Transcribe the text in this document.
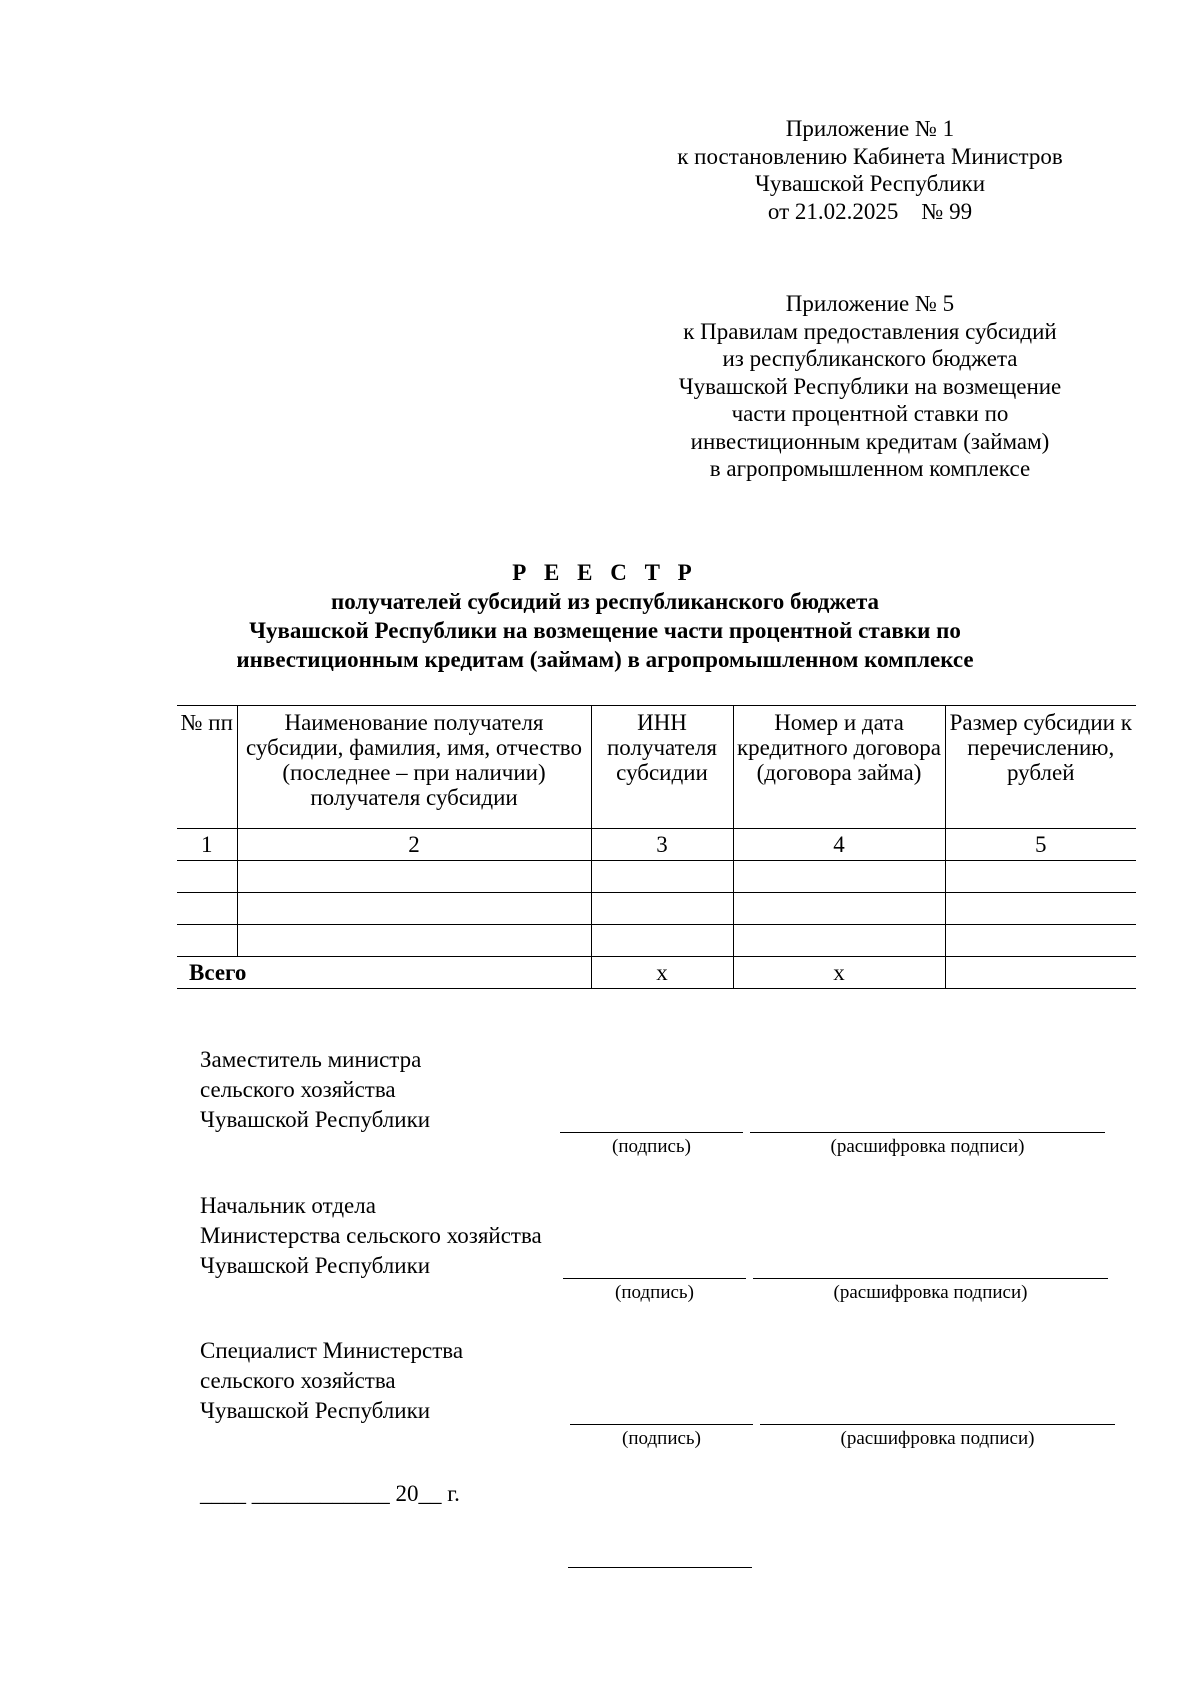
Приложение № 1
к постановлению Кабинета Министров
Чувашской Республики
от 21.02.2025    № 99
Приложение № 5
к Правилам предоставления субсидий
из республиканского бюджета
Чувашской Республики на возмещение
части процентной ставки по
инвестиционным кредитам (займам)
в агропромышленном комплексе
Р Е Е С Т Р
получателей субсидий из республиканского бюджета
Чувашской Республики на возмещение части процентной ставки по
инвестиционным кредитам (займам) в агропромышленном комплексе
№ пп	Наименование получателя субсидии, фамилия, имя, отчество (последнее – при наличии) получателя субсидии	ИНН получателя субсидии	Номер и дата кредитного договора (договора займа)	Размер субсидии к перечислению, рублей
1	2	3	4	5

Всего		х	х	
Заместитель министра
сельского хозяйства
Чувашской Республики
(подпись)	(расшифровка подписи)
Начальник отдела
Министерства сельского хозяйства
Чувашской Республики
(подпись)	(расшифровка подписи)
Специалист Министерства
сельского хозяйства
Чувашской Республики
(подпись)	(расшифровка подписи)
____ ____________ 20__ г.
